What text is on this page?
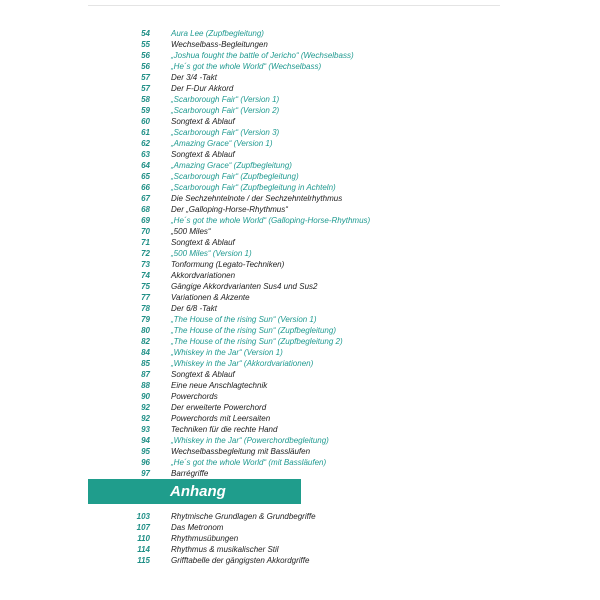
54	Aura Lee (Zupfbegleitung)
55	Wechselbass-Begleitungen
56	„Joshua fought the battle of Jericho“ (Wechselbass)
56	„He´s got the whole World“ (Wechselbass)
57	Der 3/4 -Takt
57	Der F-Dur Akkord
58	„Scarborough Fair“ (Version 1)
59	„Scarborough Fair“ (Version 2)
60	Songtext & Ablauf
61	„Scarborough Fair“ (Version 3)
62	„Amazing Grace“ (Version 1)
63	Songtext & Ablauf
64	„Amazing Grace“ (Zupfbegleitung)
65	„Scarborough Fair“ (Zupfbegleitung)
66	„Scarborough Fair“ (Zupfbegleitung in Achteln)
67	Die Sechzehntelnote / der Sechzehntelrhythmus
68	Der „Galloping-Horse-Rhythmus“
69	„He´s got the whole World“ (Galloping-Horse-Rhythmus)
70	„500 Miles“
71	Songtext & Ablauf
72	„500 Miles“ (Version 1)
73	Tonformung (Legato-Techniken)
74	Akkordvariationen
75	Gängige Akkordvarianten Sus4 und Sus2
77	Variationen & Akzente
78	Der 6/8 -Takt
79	„The House of the rising Sun“ (Version 1)
80	„The House of the rising Sun“ (Zupfbegleitung)
82	„The House of the rising Sun“ (Zupfbegleitung 2)
84	„Whiskey in the Jar“ (Version 1)
85	„Whiskey in the Jar“ (Akkordvariationen)
87	Songtext & Ablauf
88	Eine neue Anschlagtechnik
90	Powerchords
92	Der erweiterte Powerchord
92	Powerchords mit Leersaiten
93	Techniken für die rechte Hand
94	„Whiskey in the Jar“ (Powerchordbegleitung)
95	Wechselbassbegleitung mit Bassläufen
96	„He´s got the whole World“ (mit Bassläufen)
97	Barrégriffe
Anhang
103	Rhytmische Grundlagen & Grundbegriffe
107	Das Metronom
110	Rhythmusübungen
114	Rhythmus & musikalischer Stil
115	Grifftabelle der gängigsten Akkordgriffe
